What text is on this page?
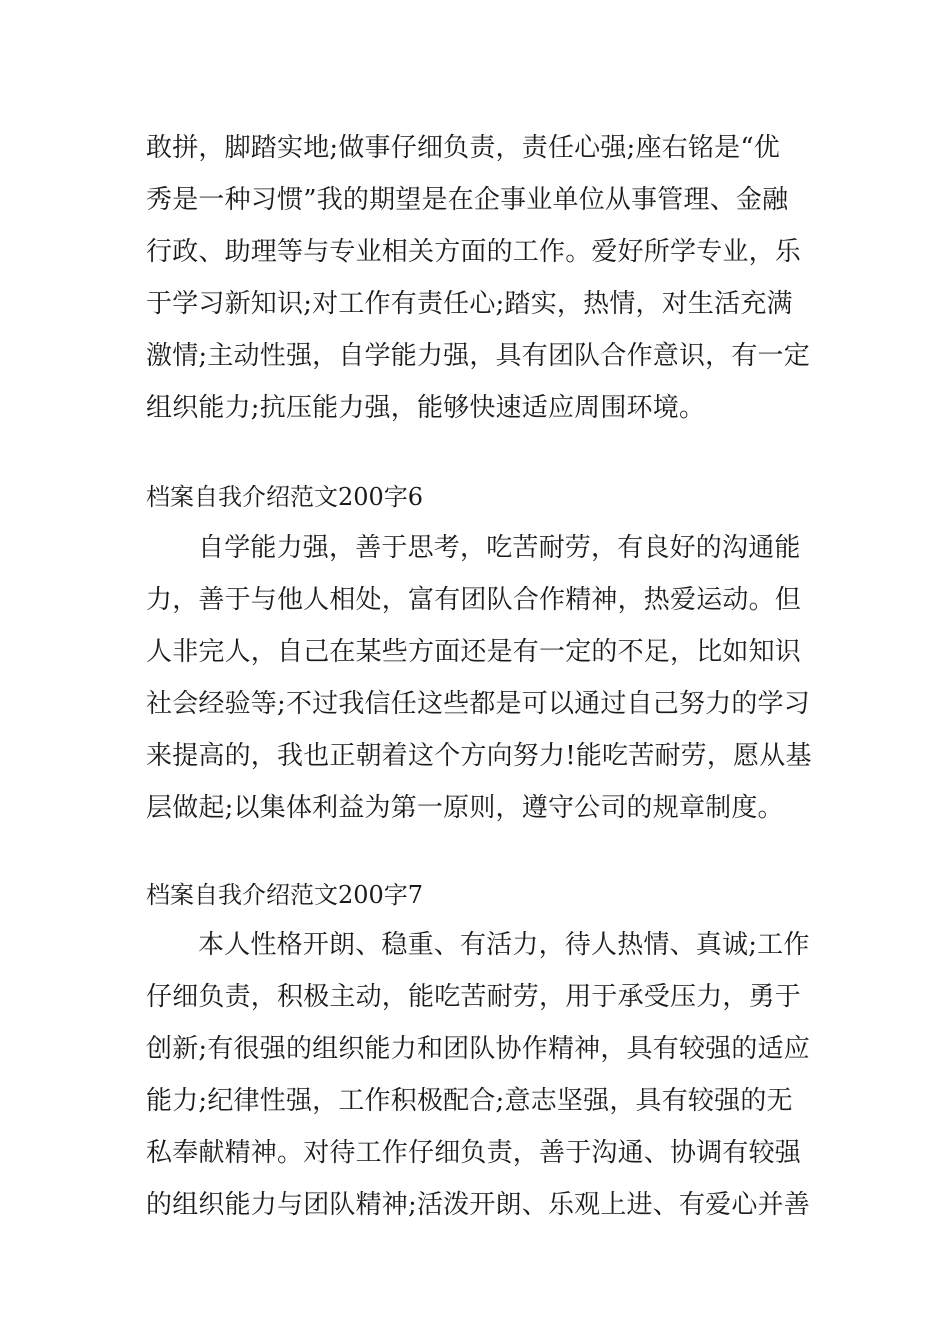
敢拼，脚踏实地;做事仔细负责，责任心强;座右铭是“优
秀是一种习惯”我的期望是在企事业单位从事管理、金融
行政、助理等与专业相关方面的工作。爱好所学专业，乐
于学习新知识;对工作有责任心;踏实，热情，对生活充满
激情;主动性强，自学能力强，具有团队合作意识，有一定
组织能力;抗压能力强，能够快速适应周围环境。
档案自我介绍范文200字6
自学能力强，善于思考，吃苦耐劳，有良好的沟通能
力，善于与他人相处，富有团队合作精神，热爱运动。但
人非完人，自己在某些方面还是有一定的不足，比如知识
社会经验等;不过我信任这些都是可以通过自己努力的学习
来提高的，我也正朝着这个方向努力!能吃苦耐劳，愿从基
层做起;以集体利益为第一原则，遵守公司的规章制度。
档案自我介绍范文200字7
本人性格开朗、稳重、有活力，待人热情、真诚;工作
仔细负责，积极主动，能吃苦耐劳，用于承受压力，勇于
创新;有很强的组织能力和团队协作精神，具有较强的适应
能力;纪律性强，工作积极配合;意志坚强，具有较强的无
私奉献精神。对待工作仔细负责，善于沟通、协调有较强
的组织能力与团队精神;活泼开朗、乐观上进、有爱心并善
